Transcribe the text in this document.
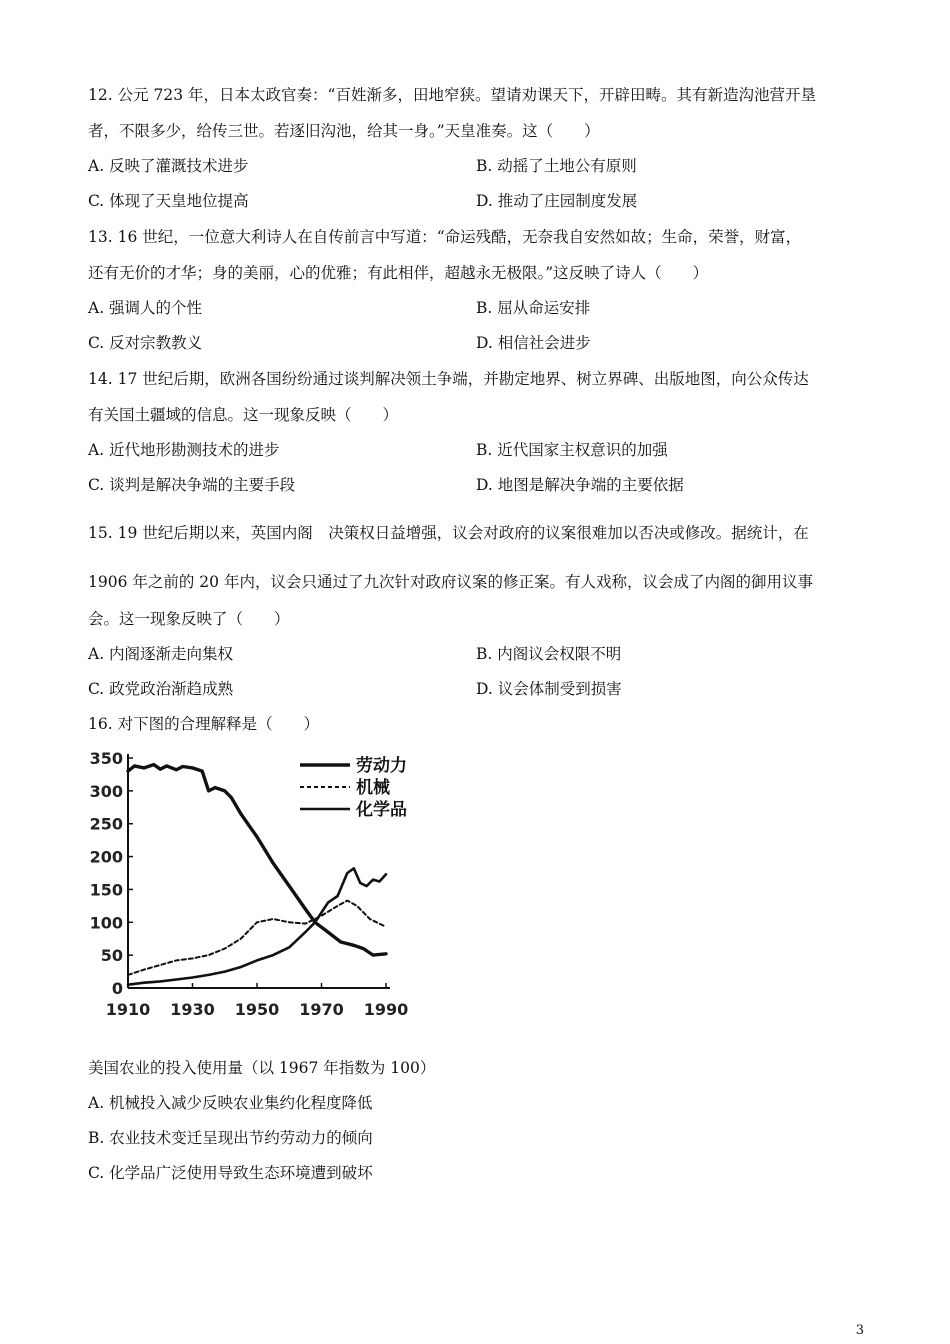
12. 公元 723 年，日本太政官奏：“百姓渐多，田地窄狭。望请劝课天下，开辟田畴。其有新造沟池营开垦
者，不限多少，给传三世。若逐旧沟池，给其一身。”天皇准奏。这（　　）
A. 反映了灌溉技术进步	B. 动摇了土地公有原则
C. 体现了天皇地位提高	D. 推动了庄园制度发展
13. 16 世纪，一位意大利诗人在自传前言中写道：“命运残酷，无奈我自安然如故；生命，荣誉，财富，
还有无价的才华；身的美丽，心的优雅；有此相伴，超越永无极限。”这反映了诗人（　　）
A. 强调人的个性	B. 屈从命运安排
C. 反对宗教教义	D. 相信社会进步
14. 17 世纪后期，欧洲各国纷纷通过谈判解决领土争端，并勘定地界、树立界碑、出版地图，向公众传达
有关国土疆域的信息。这一现象反映（　　）
A. 近代地形勘测技术的进步	B. 近代国家主权意识的加强
C. 谈判是解决争端的主要手段	D. 地图是解决争端的主要依据
15. 19 世纪后期以来，英国内阁　决策权日益增强，议会对政府的议案很难加以否决或修改。据统计，在
1906 年之前的 20 年内，议会只通过了九次针对政府议案的修正案。有人戏称，议会成了内阁的御用议事
会。这一现象反映了（　　）
A. 内阁逐渐走向集权	B. 内阁议会权限不明
C. 政党政治渐趋成熟	D. 议会体制受到损害
16. 对下图的合理解释是（　　）
0
50
100
150
200
250
300
350
1910 1930 1950 1970 1990
劳动力
机械
化学品
美国农业的投入使用量（以 1967 年指数为 100）
A. 机械投入减少反映农业集约化程度降低
B. 农业技术变迁呈现出节约劳动力的倾向
C. 化学品广泛使用导致生态环境遭到破坏
3
